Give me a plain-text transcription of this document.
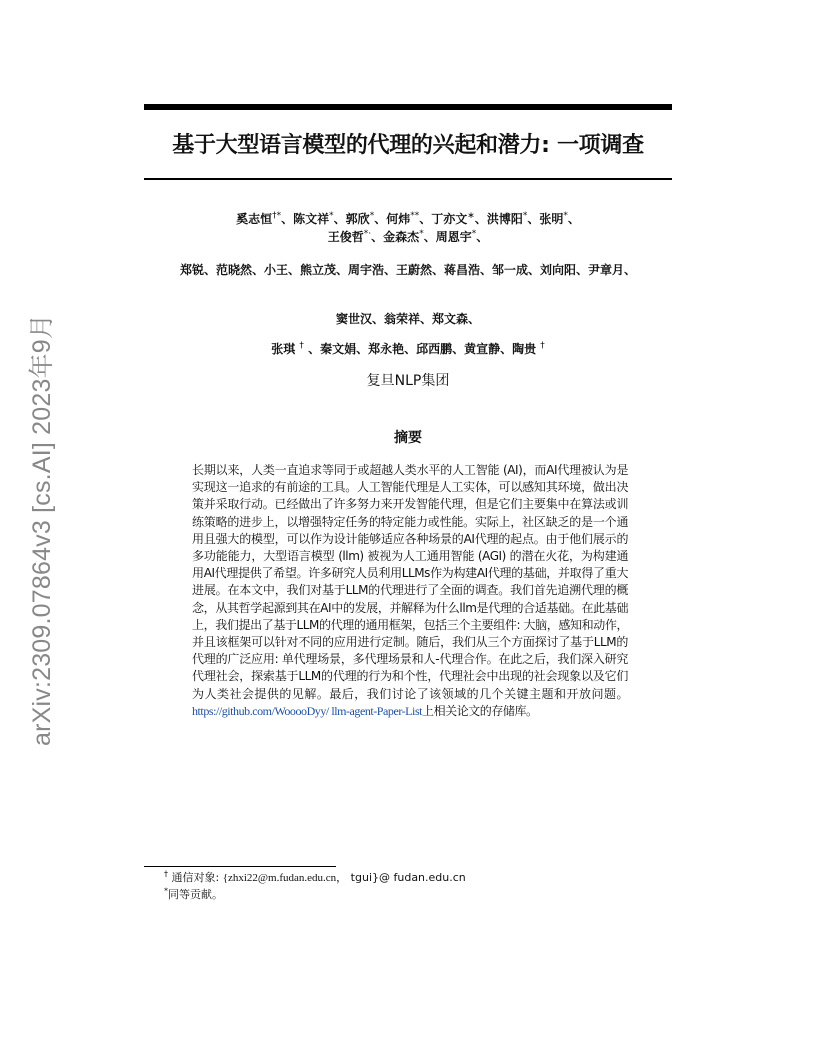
arXiv:2309.07864v3 [cs.AI] 2023年9月
基于大型语言模型的代理的兴起和潜力: 一项调查
奚志恒†*、陈文祥*、郭欣*、何炜**、丁亦文∗、洪博阳*、张明*、
王俊哲*·、金森杰*、周恩宇*、
郑锐、范晓然、小王、熊立茂、周宇浩、王蔚然、蒋昌浩、邹一成、刘向阳、尹章月、
窦世汉、翁荣祥、郑文森、
张琪 † 、秦文娟、郑永艳、邱西鹏、黄宣静、陶贵 †
复旦NLP集团
摘要
长期以来，人类一直追求等同于或超越人类水平的人工智能 (AI)，而AI代理被认为是实现这一追求的有前途的工具。人工智能代理是人工实体，可以感知其环境，做出决策并采取行动。已经做出了许多努力来开发智能代理，但是它们主要集中在算法或训练策略的进步上，以增强特定任务的特定能力或性能。实际上，社区缺乏的是一个通用且强大的模型，可以作为设计能够适应各种场景的AI代理的起点。由于他们展示的多功能能力，大型语言模型 (llm) 被视为人工通用智能 (AGI) 的潜在火花，为构建通用AI代理提供了希望。许多研究人员利用LLMs作为构建AI代理的基础，并取得了重大进展。在本文中，我们对基于LLM的代理进行了全面的调查。我们首先追溯代理的概念，从其哲学起源到其在AI中的发展，并解释为什么llm是代理的合适基础。在此基础上，我们提出了基于LLM的代理的通用框架，包括三个主要组件: 大脑，感知和动作，并且该框架可以针对不同的应用进行定制。随后，我们从三个方面探讨了基于LLM的代理的广泛应用: 单代理场景，多代理场景和人-代理合作。在此之后，我们深入研究代理社会，探索基于LLM的代理的行为和个性，代理社会中出现的社会现象以及它们为人类社会提供的见解。最后，我们讨论了该领域的几个关键主题和开放问题。 https://github.com/WooooDyy/ llm-agent-Paper-List上相关论文的存储库。
† 通信对象: {zhxi22@m.fudan.edu.cn， tgui}@ fudan.edu.cn
*同等贡献。
